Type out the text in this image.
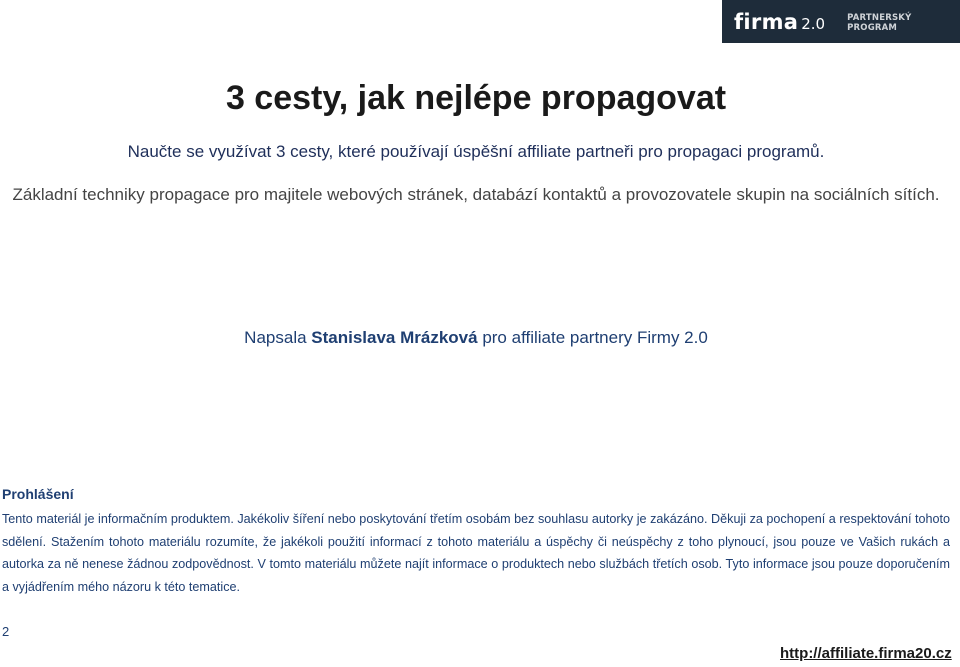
firma 2.0	PARTNERSKÝ PROGRAM
3 cesty, jak nejlépe propagovat
Naučte se využívat 3 cesty, které používají úspěšní affiliate partneři pro propagaci programů.
Základní techniky propagace pro majitele webových stránek, databází kontaktů a provozovatele skupin na sociálních sítích.
Napsala Stanislava Mrázková pro affiliate partnery Firmy 2.0
Prohlášení

Tento materiál je informačním produktem. Jakékoliv šíření nebo poskytování třetím osobám bez souhlasu autorky je zakázáno. Děkuji za pochopení a respektování tohoto sdělení. Stažením tohoto materiálu rozumíte, že jakékoli použití informací z tohoto materiálu a úspěchy či neúspěchy z toho plynoucí, jsou pouze ve Vašich rukách a autorka za ně nenese žádnou zodpovědnost. V tomto materiálu můžete najít informace o produktech nebo službách třetích osob. Tyto informace jsou pouze doporučením a vyjádřením mého názoru k této tematice.

2
http://affiliate.firma20.cz
